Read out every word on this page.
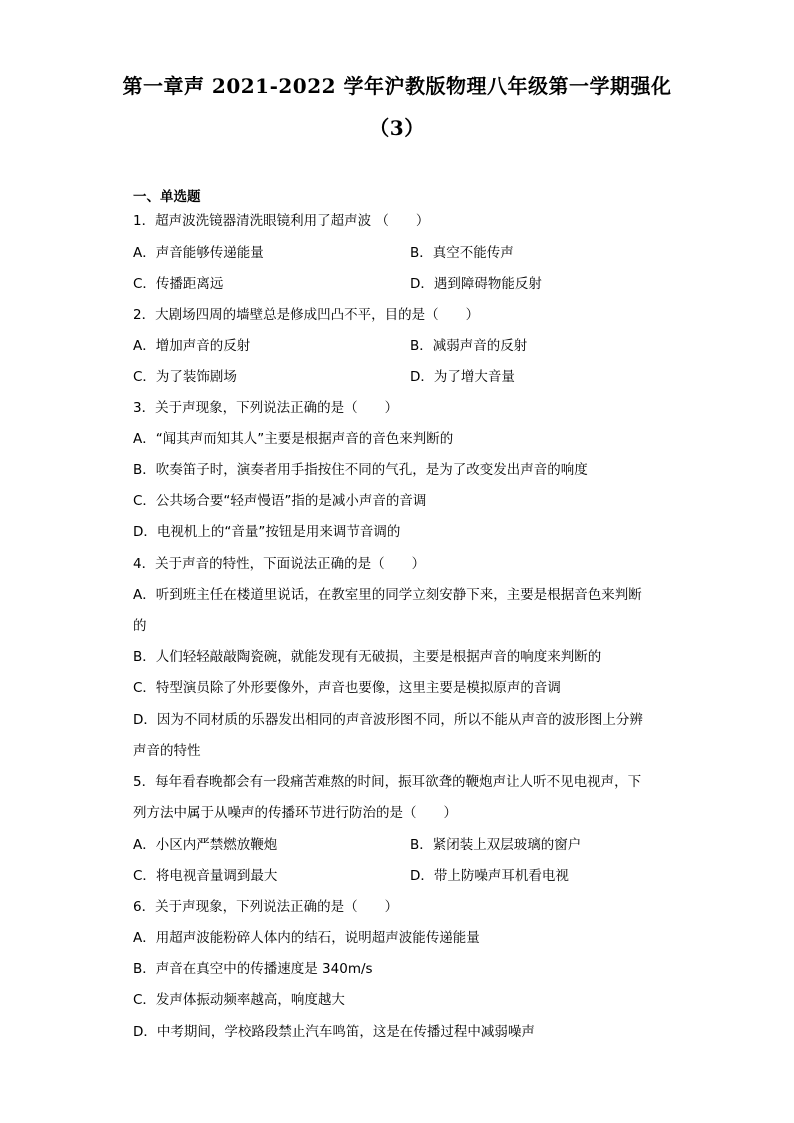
第一章声 2021-2022 学年沪教版物理八年级第一学期强化
（3）
一、单选题
1．超声波洗镜器清洗眼镜利用了超声波 （　　）
A．声音能够传递能量	B．真空不能传声
C．传播距离远	D．遇到障碍物能反射
2．大剧场四周的墙壁总是修成凹凸不平，目的是（　　）
A．增加声音的反射	B．减弱声音的反射
C．为了装饰剧场	D．为了增大音量
3．关于声现象，下列说法正确的是（　　）
A．“闻其声而知其人”主要是根据声音的音色来判断的
B．吹奏笛子时，演奏者用手指按住不同的气孔，是为了改变发出声音的响度
C．公共场合要“轻声慢语”指的是减小声音的音调
D．电视机上的“音量”按钮是用来调节音调的
4．关于声音的特性，下面说法正确的是（　　）
A．听到班主任在楼道里说话，在教室里的同学立刻安静下来，主要是根据音色来判断
的
B．人们轻轻敲敲陶瓷碗，就能发现有无破损，主要是根据声音的响度来判断的
C．特型演员除了外形要像外，声音也要像，这里主要是模拟原声的音调
D．因为不同材质的乐器发出相同的声音波形图不同，所以不能从声音的波形图上分辨
声音的特性
5．每年看春晚都会有一段痛苦难熬的时间，振耳欲聋的鞭炮声让人听不见电视声，下
列方法中属于从噪声的传播环节进行防治的是（　　）
A．小区内严禁燃放鞭炮	B．紧闭装上双层玻璃的窗户
C．将电视音量调到最大	D．带上防噪声耳机看电视
6．关于声现象，下列说法正确的是（　　）
A．用超声波能粉碎人体内的结石，说明超声波能传递能量
B．声音在真空中的传播速度是 340m/s
C．发声体振动频率越高，响度越大
D．中考期间，学校路段禁止汽车鸣笛，这是在传播过程中减弱噪声
